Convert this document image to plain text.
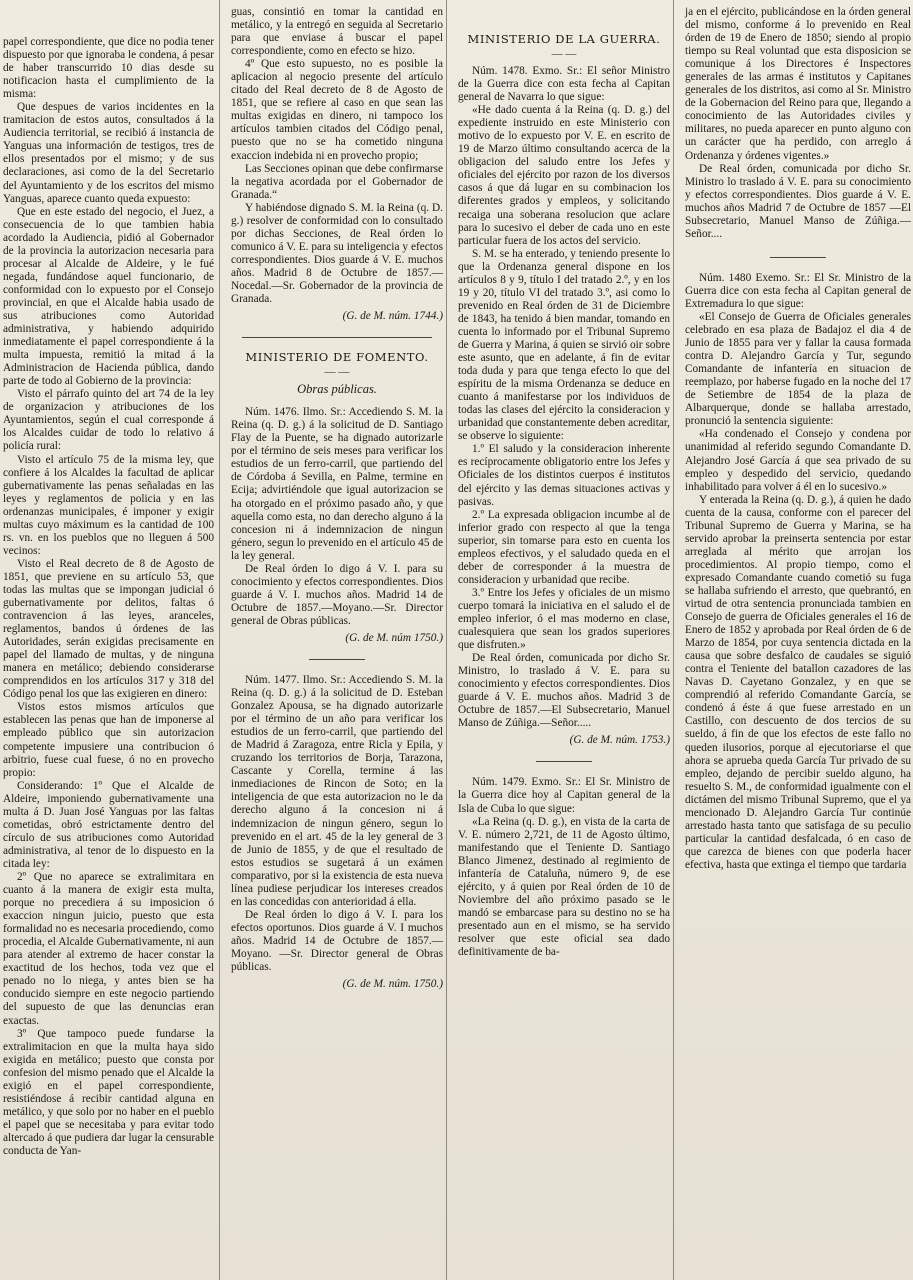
papel correspondiente, que dice no podia tener dispuesto por que ignoraba le condena, á pesar de haber transcurrido 10 dias desde su notificacion hasta el cumplimiento de la misma:

Que despues de varios incidentes en la tramitacion de estos autos, consultados á la Audiencia territorial, se recibió á instancia de Yanguas una información de testigos, tres de ellos presentados por el mismo; y de sus declaraciones, asi como de la del Secretario del Ayuntamiento y de los escritos del mismo Yanguas, aparece cuanto queda expuesto:

Que en este estado del negocio, el Juez, a consecuencia de lo que tambien habia acordado la Audiencia, pidió al Gobernador de la provincia la autorizacion necesaria para procesar al Alcalde de Aldeire, y le fué negada, fundándose aquel funcionario, de conformidad con lo expuesto por el Consejo provincial, en que el Alcalde habia usado de sus atribuciones como Autoridad administrativa, y habiendo adquirido inmediatamente el papel correspondiente á la multa impuesta, remitió la mitad á la Administracion de Hacienda pública, dando parte de todo al Gobierno de la provincia:

Visto el párrafo quinto del art 74 de la ley de organizacion y atribuciones de los Ayuntamientos, según el cual corresponde á los Alcaldes cuidar de todo lo relativo á policía rural:

Visto el artículo 75 de la misma ley, que confiere á los Alcaldes la facultad de aplicar gubernativamente las penas señaladas en las leyes y reglamentos de policia y en las ordenanzas municipales, é imponer y exigir multas cuyo máximum es la cantidad de 100 rs. vn. en los pueblos que no lleguen á 500 vecinos:

Visto el Real decreto de 8 de Agosto de 1851, que previene en su artículo 53, que todas las multas que se impongan judicial ó gubernativamente por delitos, faltas ó contravencion á las leyes, aranceles, reglamentos, bandos ú órdenes de las Autoridades, serán exigidas precisamente en papel del llamado de multas, y de ninguna manera en metálico; debiendo considerarse comprendidos en los artículos 317 y 318 del Código penal los que las exigieren en dinero:

Vistos estos mismos artículos que establecen las penas que han de imponerse al empleado público que sin autorizacion competente impusiere una contribucion ó arbitrio, fuese cual fuese, ó no en provecho propio:

Considerando: 1º Que el Alcalde de Aldeire, imponiendo gubernativamente una multa á D. Juan José Yanguas por las faltas cometidas, obró estrictamente dentro del círculo de sus atribuciones como Autoridad administrativa, al tenor de lo dispuesto en la citada ley:

2º Que no aparece se extralimitara en cuanto á la manera de exigir esta multa, porque no precediera á su imposicion ó exaccion ningun juicio, puesto que esta formalidad no es necesaria procediendo, como procedia, el Alcalde Gubernativamente, ni aun para atender al extremo de hacer constar la exactitud de los hechos, toda vez que el penado no lo niega, y antes bien se ha conducido siempre en este negocio partiendo del supuesto de que las denuncias eran exactas.

3º Que tampoco puede fundarse la extralimitacion en que la multa haya sido exigida en metálico; puesto que consta por confesion del mismo penado que el Alcalde la exigió en el papel correspondiente, resistiéndose á recibir cantidad alguna en metálico, y que solo por no haber en el pueblo el papel que se necesitaba y para evitar todo altercado á que pudiera dar lugar la censurable conducta de Yan-

guas, consintió en tomar la cantidad en metálico, y la entregó en seguida al Secretario para que enviase á buscar el papel correspondiente, como en efecto se hizo.

4º Que esto supuesto, no es posible la aplicacion al negocio presente del artículo citado del Real decreto de 8 de Agosto de 1851, que se refiere al caso en que sean las multas exigidas en dinero, ni tampoco los artículos tambien citados del Código penal, puesto que no se ha cometido ninguna exaccion indebida ni en provecho propio;

Las Secciones opinan que debe confirmarse la negativa acordada por el Gobernador de Granada.“

Y habiéndose dignado S. M. la Reina (q. D. g.) resolver de conformidad con lo consultado por dichas Secciones, de Real órden lo comunico á V. E. para su inteligencia y efectos correspondientes. Dios guarde á V. E. muchos años. Madrid 8 de Octubre de 1857.—Nocedal.—Sr. Gobernador de la provincia de Granada.

(G. de M. núm. 1744.)
MINISTERIO DE FOMENTO.
— —
Obras públicas.

Núm. 1476. Ilmo. Sr.: Accediendo S. M. la Reina (q. D. g.) á la solicitud de D. Santiago Flay de la Puente, se ha dignado autorizarle por el término de seis meses para verificar los estudios de un ferro-carril, que partiendo del de Córdoba á Sevilla, en Palme, termine en Ecija; advirtiéndole que igual autorizacion se ha otorgado en el próximo pasado año, y que aquella como esta, no dan derecho alguno á la concesion ni á indemnizacion de ningun género, segun lo prevenido en el artículo 45 de la ley general.

De Real órden lo digo á V. I. para su conocimiento y efectos correspondientes. Dios guarde á V. I. muchos años. Madrid 14 de Octubre de 1857.—Moyano.—Sr. Director general de Obras públicas.

(G. de M. núm 1750.)

Núm. 1477. Ilmo. Sr.: Accediendo S. M. la Reina (q. D. g.) á la solicitud de D. Esteban Gonzalez Apousa, se ha dignado autorizarle por el término de un año para verificar los estudios de un ferro-carril, que partiendo del de Madrid á Zaragoza, entre Ricla y Epila, y cruzando los territorios de Borja, Tarazona, Cascante y Corella, termine á las inmediaciones de Rincon de Soto; en la inteligencia de que esta autorizacion no le da derecho alguno á la concesion ni á indemnizacion de ningun género, segun lo prevenido en el art. 45 de la ley general de 3 de Junio de 1855, y de que el resultado de estos estudios se sugetará á un exámen comparativo, por si la existencia de esta nueva línea pudiese perjudicar los intereses creados en las concedidas con anterioridad á ella.

De Real órden lo digo á V. I. para los efectos oportunos. Dios guarde á V. I muchos años. Madrid 14 de Octubre de 1857.—Moyano. —Sr. Director general de Obras públicas.

(G. de M. núm. 1750.)
MINISTERIO DE LA GUERRA.
— —

Núm. 1478. Exmo. Sr.: El señor Ministro de la Guerra dice con esta fecha al Capitan general de Navarra lo que sigue:

«He dado cuenta á la Reina (q. D. g.) del expediente instruido en este Ministerio con motivo de lo expuesto por V. E. en escrito de 19 de Marzo último consultando acerca de la obligacion del saludo entre los Jefes y oficiales del ejército por razon de los diversos casos á que dá lugar en su combinacion los diferentes grados y empleos, y solicitando recaiga una soberana resolucion que aclare para lo sucesivo el deber de cada uno en este particular fuera de los actos del servicio.

S. M. se ha enterado, y teniendo presente lo que la Ordenanza general dispone en los artículos 8 y 9, título I del tratado 2.º, y en los 19 y 20, título VI del tratado 3.º, asi como lo prevenido en Real órden de 31 de Diciembre de 1843, ha tenido á bien mandar, tomando en cuenta lo informado por el Tribunal Supremo de Guerra y Marina, á quien se sirvió oir sobre este asunto, que en adelante, á fin de evitar toda duda y para que tenga efecto lo que del espíritu de la misma Ordenanza se deduce en cuanto á manifestarse por los individuos de todas las clases del ejército la consideracion y urbanidad que constantemente deben acreditar, se observe lo siguiente:

1.º El saludo y la consideracion inherente es recíprocamente obligatorio entre los Jefes y Oficiales de los distintos cuerpos é institutos del ejército y las demas situaciones activas y pasivas.

2.º La expresada obligacion incumbe al de inferior grado con respecto al que la tenga superior, sin tomarse para esto en cuenta los empleos efectivos, y el saludado queda en el deber de corresponder á la muestra de consideracion y urbanidad que recibe.

3.º Entre los Jefes y oficiales de un mismo cuerpo tomará la iniciativa en el saludo el de empleo inferior, ó el mas moderno en clase, cualesquiera que sean los grados superiores que disfruten.»

De Real órden, comunicada por dicho Sr. Ministro, lo traslado á V. E. para su conocimiento y efectos correspondientes. Dios guarde á V. E. muchos años. Madrid 3 de Octubre de 1857.—El Subsecretario, Manuel Manso de Zúñiga.—Señor.....

(G. de M. núm. 1753.)

Núm. 1479. Exmo. Sr.: El Sr. Ministro de la Guerra dice hoy al Capitan general de la Isla de Cuba lo que sigue:

«La Reina (q. D. g.), en vista de la carta de V. E. número 2,721, de 11 de Agosto último, manifestando que el Teniente D. Santiago Blanco Jimenez, destinado al regimiento de infantería de Cataluña, número 9, de ese ejército, y á quien por Real órden de 10 de Noviembre del año próximo pasado se le mandó se embarcase para su destino no se ha presentado aun en el mismo, se ha servido resolver que este oficial sea dado definitivamente de ba-

ja en el ejército, publicándose en la órden general del mismo, conforme á lo prevenido en Real órden de 19 de Enero de 1850; siendo al propio tiempo su Real voluntad que esta disposicion se comunique á los Directores é Inspectores generales de las armas é institutos y Capitanes generales de los distritos, asi como al Sr. Ministro de la Gobernacion del Reino para que, llegando a conocimiento de las Autoridades civiles y militares, no pueda aparecer en punto alguno con un carácter que ha perdido, con arreglo á Ordenanza y órdenes vigentes.»

De Real órden, comunicada por dicho Sr. Ministro lo traslado á V. E. para su conocimiento y efectos correspondientes. Dios guarde á V. E. muchos años Madrid 7 de Octubre de 1857 —El Subsecretario, Manuel Manso de Zúñiga.— Señor....

Núm. 1480 Exemo. Sr.: El Sr. Ministro de la Guerra dice con esta fecha al Capitan general de Extremadura lo que sigue:

«El Consejo de Guerra de Oficiales generales celebrado en esa plaza de Badajoz el dia 4 de Junio de 1855 para ver y fallar la causa formada contra D. Alejandro García y Tur, segundo Comandante de infantería en situacion de reemplazo, por haberse fugado en la noche del 17 de Setiembre de 1854 de la plaza de Albarquerque, donde se hallaba arrestado, pronunció la sentencia siguiente:

«Ha condenado el Consejo y condena por unanimidad al referido segundo Comandante D. Alejandro José García á que sea privado de su empleo y despedido del servicio, quedando inhabilitado para volver á él en lo sucesivo.»

Y enterada la Reina (q. D. g.), á quien he dado cuenta de la causa, conforme con el parecer del Tribunal Supremo de Guerra y Marina, se ha servido aprobar la preinserta sentencia por estar arreglada al mérito que arrojan los procedimientos. Al propio tiempo, como el expresado Comandante cuando cometió su fuga se hallaba sufriendo el arresto, que quebrantó, en virtud de otra sentencia pronunciada tambien en Consejo de guerra de Oficiales generales el 16 de Enero de 1852 y aprobada por Real órden de 6 de Marzo de 1854, por cuya sentencia dictada en la causa que sobre desfalco de caudales se siguió contra el Teniente del batallon cazadores de las Navas D. Cayetano Gonzalez, y en que se comprendió al referido Comandante García, se condenó á éste á que fuese arrestado en un Castillo, con descuento de dos tercios de su sueldo, á fin de que los efectos de este fallo no queden ilusorios, porque al ejecutoriarse el que ahora se aprueba queda García Tur privado de su empleo, dejando de percibir sueldo alguno, ha resuelto S. M., de conformidad igualmente con el dictámen del mismo Tribunal Supremo, que el ya mencionado D. Alejandro García Tur continúe arrestado hasta tanto que satisfaga de su peculio particular la cantidad desfalcada, ó en caso de que carezca de bienes con que poderla hacer efectiva, hasta que extinga el tiempo que tardaria
